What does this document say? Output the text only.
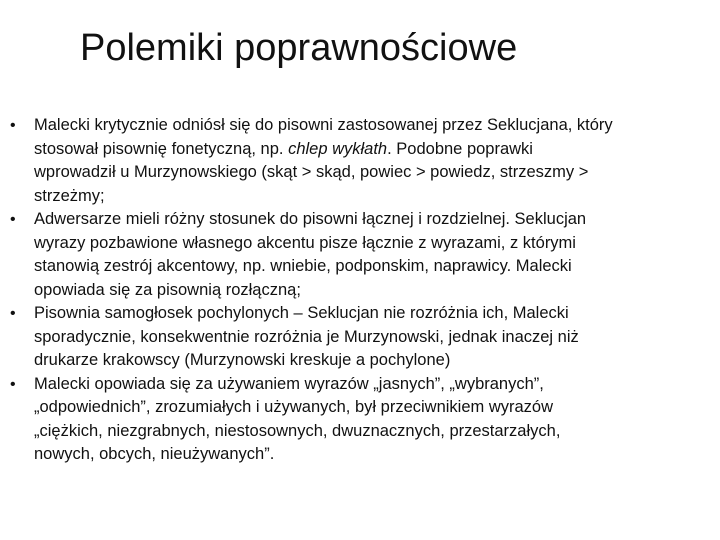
Polemiki poprawnościowe
•	Malecki krytycznie odniósł się do pisowni zastosowanej przez Seklucjana, który
stosował pisownię fonetyczną, np. chlep wykłath. Podobne poprawki
wprowadził u Murzynowskiego (skąt > skąd, powiec > powiedz, strzeszmy >
strzeżmy;
•	Adwersarze mieli różny stosunek do pisowni łącznej i rozdzielnej. Seklucjan
wyrazy pozbawione własnego akcentu pisze łącznie z wyrazami, z którymi
stanowią zestrój akcentowy, np. wniebie, podponskim, naprawicy. Malecki
opowiada się za pisownią rozłączną;
•	Pisownia samogłosek pochylonych – Seklucjan nie rozróżnia ich, Malecki
sporadycznie, konsekwentnie rozróżnia je Murzynowski, jednak inaczej niż
drukarze krakowscy (Murzynowski kreskuje a pochylone)
•	Malecki opowiada się za używaniem wyrazów „jasnych”, „wybranych”,
„odpowiednich”, zrozumiałych i używanych, był przeciwnikiem wyrazów
„ciężkich, niezgrabnych, niestosownych, dwuznacznych, przestarzałych,
nowych, obcych, nieużywanych”.
